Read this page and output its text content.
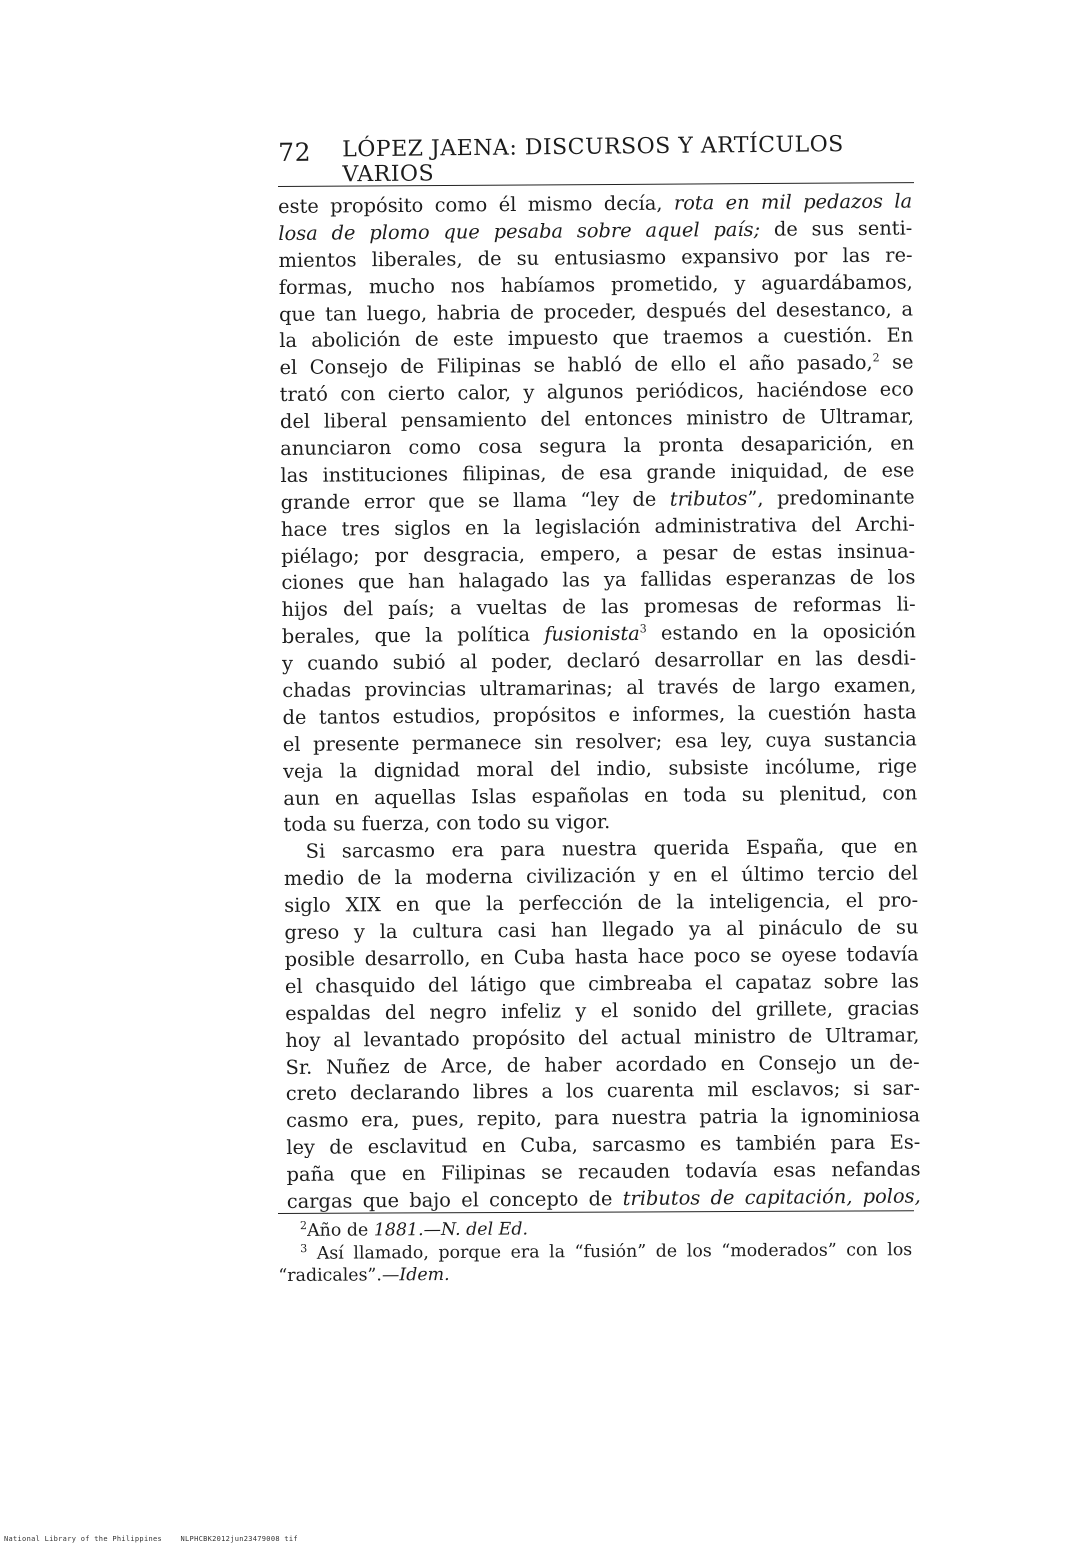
72 LÓPEZ JAENA: DISCURSOS Y ARTÍCULOS VARIOS
este propósito como él mismo decía, rota en mil pedazos la
losa de plomo que pesaba sobre aquel país; de sus senti-
mientos liberales, de su entusiasmo expansivo por las re-
formas, mucho nos habíamos prometido, y aguardábamos,
que tan luego, habria de proceder, después del desestanco, a
la abolición de este impuesto que traemos a cuestión. En
el Consejo de Filipinas se habló de ello el año pasado,$^2$ se
trató con cierto calor, y algunos periódicos, haciéndose eco
del liberal pensamiento del entonces ministro de Ultramar,
anunciaron como cosa segura la pronta desaparición, en
las instituciones filipinas, de esa grande iniquidad, de ese
grande error que se llama “ley de tributos”, predominante
hace tres siglos en la legislación administrativa del Archi-
piélago; por desgracia, empero, a pesar de estas insinua-
ciones que han halagado las ya fallidas esperanzas de los
hijos del país; a vueltas de las promesas de reformas li-
berales, que la política fusionista$^3$ estando en la oposición
y cuando subió al poder, declaró desarrollar en las desdi-
chadas provincias ultramarinas; al través de largo examen,
de tantos estudios, propósitos e informes, la cuestión hasta
el presente permanece sin resolver; esa ley, cuya sustancia
veja la dignidad moral del indio, subsiste incólume, rige
aun en aquellas Islas españolas en toda su plenitud, con
toda su fuerza, con todo su vigor.
Si sarcasmo era para nuestra querida España, que en
medio de la moderna civilización y en el último tercio del
siglo XIX en que la perfección de la inteligencia, el pro-
greso y la cultura casi han llegado ya al pináculo de su
posible desarrollo, en Cuba hasta hace poco se oyese todavía
el chasquido del látigo que cimbreaba el capataz sobre las
espaldas del negro infeliz y el sonido del grillete, gracias
hoy al levantado propósito del actual ministro de Ultramar,
Sr. Nuñez de Arce, de haber acordado en Consejo un de-
creto declarando libres a los cuarenta mil esclavos; si sar-
casmo era, pues, repito, para nuestra patria la ignominiosa
ley de esclavitud en Cuba, sarcasmo es también para Es-
paña que en Filipinas se recauden todavía esas nefandas
cargas que bajo el concepto de tributos de capitación, polos,
$^2$Año de 1881.—N. del Ed.
$^3$ Así llamado, porque era la “fusión” de los “moderados” con los
“radicales”.—Idem.
National Library of the Philippines	NLPHCBK2012jun23479008 tif
